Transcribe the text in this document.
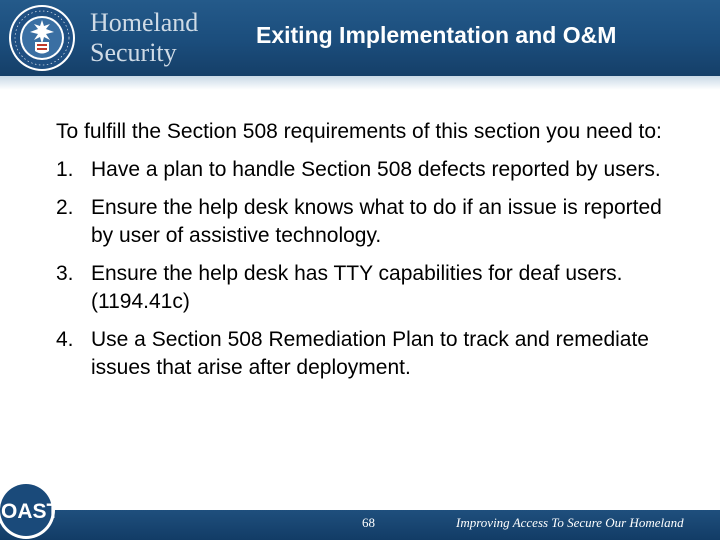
Homeland
Security
Exiting Implementation and O&M

To fulfill the Section 508 requirements of this section you need to:

1. Have a plan to handle Section 508 defects reported by users.
2. Ensure the help desk knows what to do if an issue is reported by user of assistive technology.
3. Ensure the help desk has TTY capabilities for deaf users. (1194.41c)
4. Use a Section 508 Remediation Plan to track and remediate issues that arise after deployment.
OAST	68	Improving Access To Secure Our Homeland
